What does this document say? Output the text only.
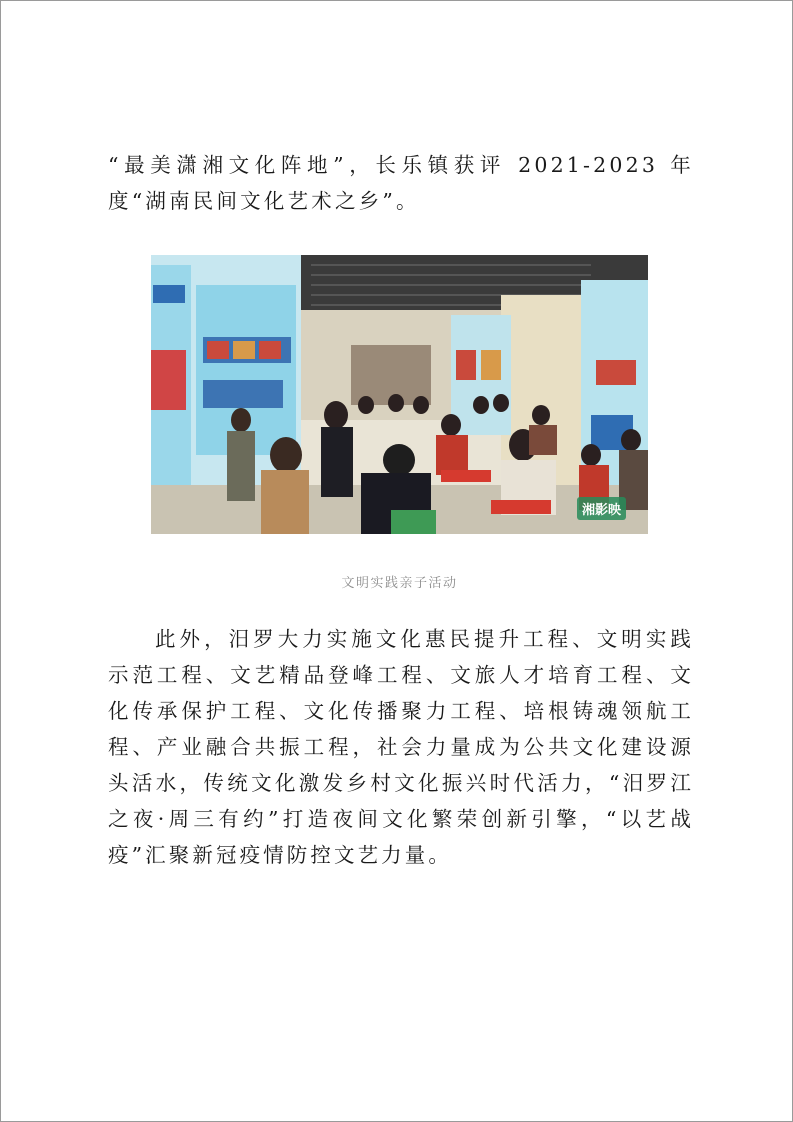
“最美潇湘文化阵地”，长乐镇获评 2021-2023 年度“湖南民间文化艺术之乡”。

湘影映
文明实践亲子活动

此外，汨罗大力实施文化惠民提升工程、文明实践示范工程、文艺精品登峰工程、文旅人才培育工程、文化传承保护工程、文化传播聚力工程、培根铸魂领航工程、产业融合共振工程，社会力量成为公共文化建设源头活水，传统文化激发乡村文化振兴时代活力，“汨罗江之夜·周三有约”打造夜间文化繁荣创新引擎，“以艺战疫”汇聚新冠疫情防控文艺力量。
